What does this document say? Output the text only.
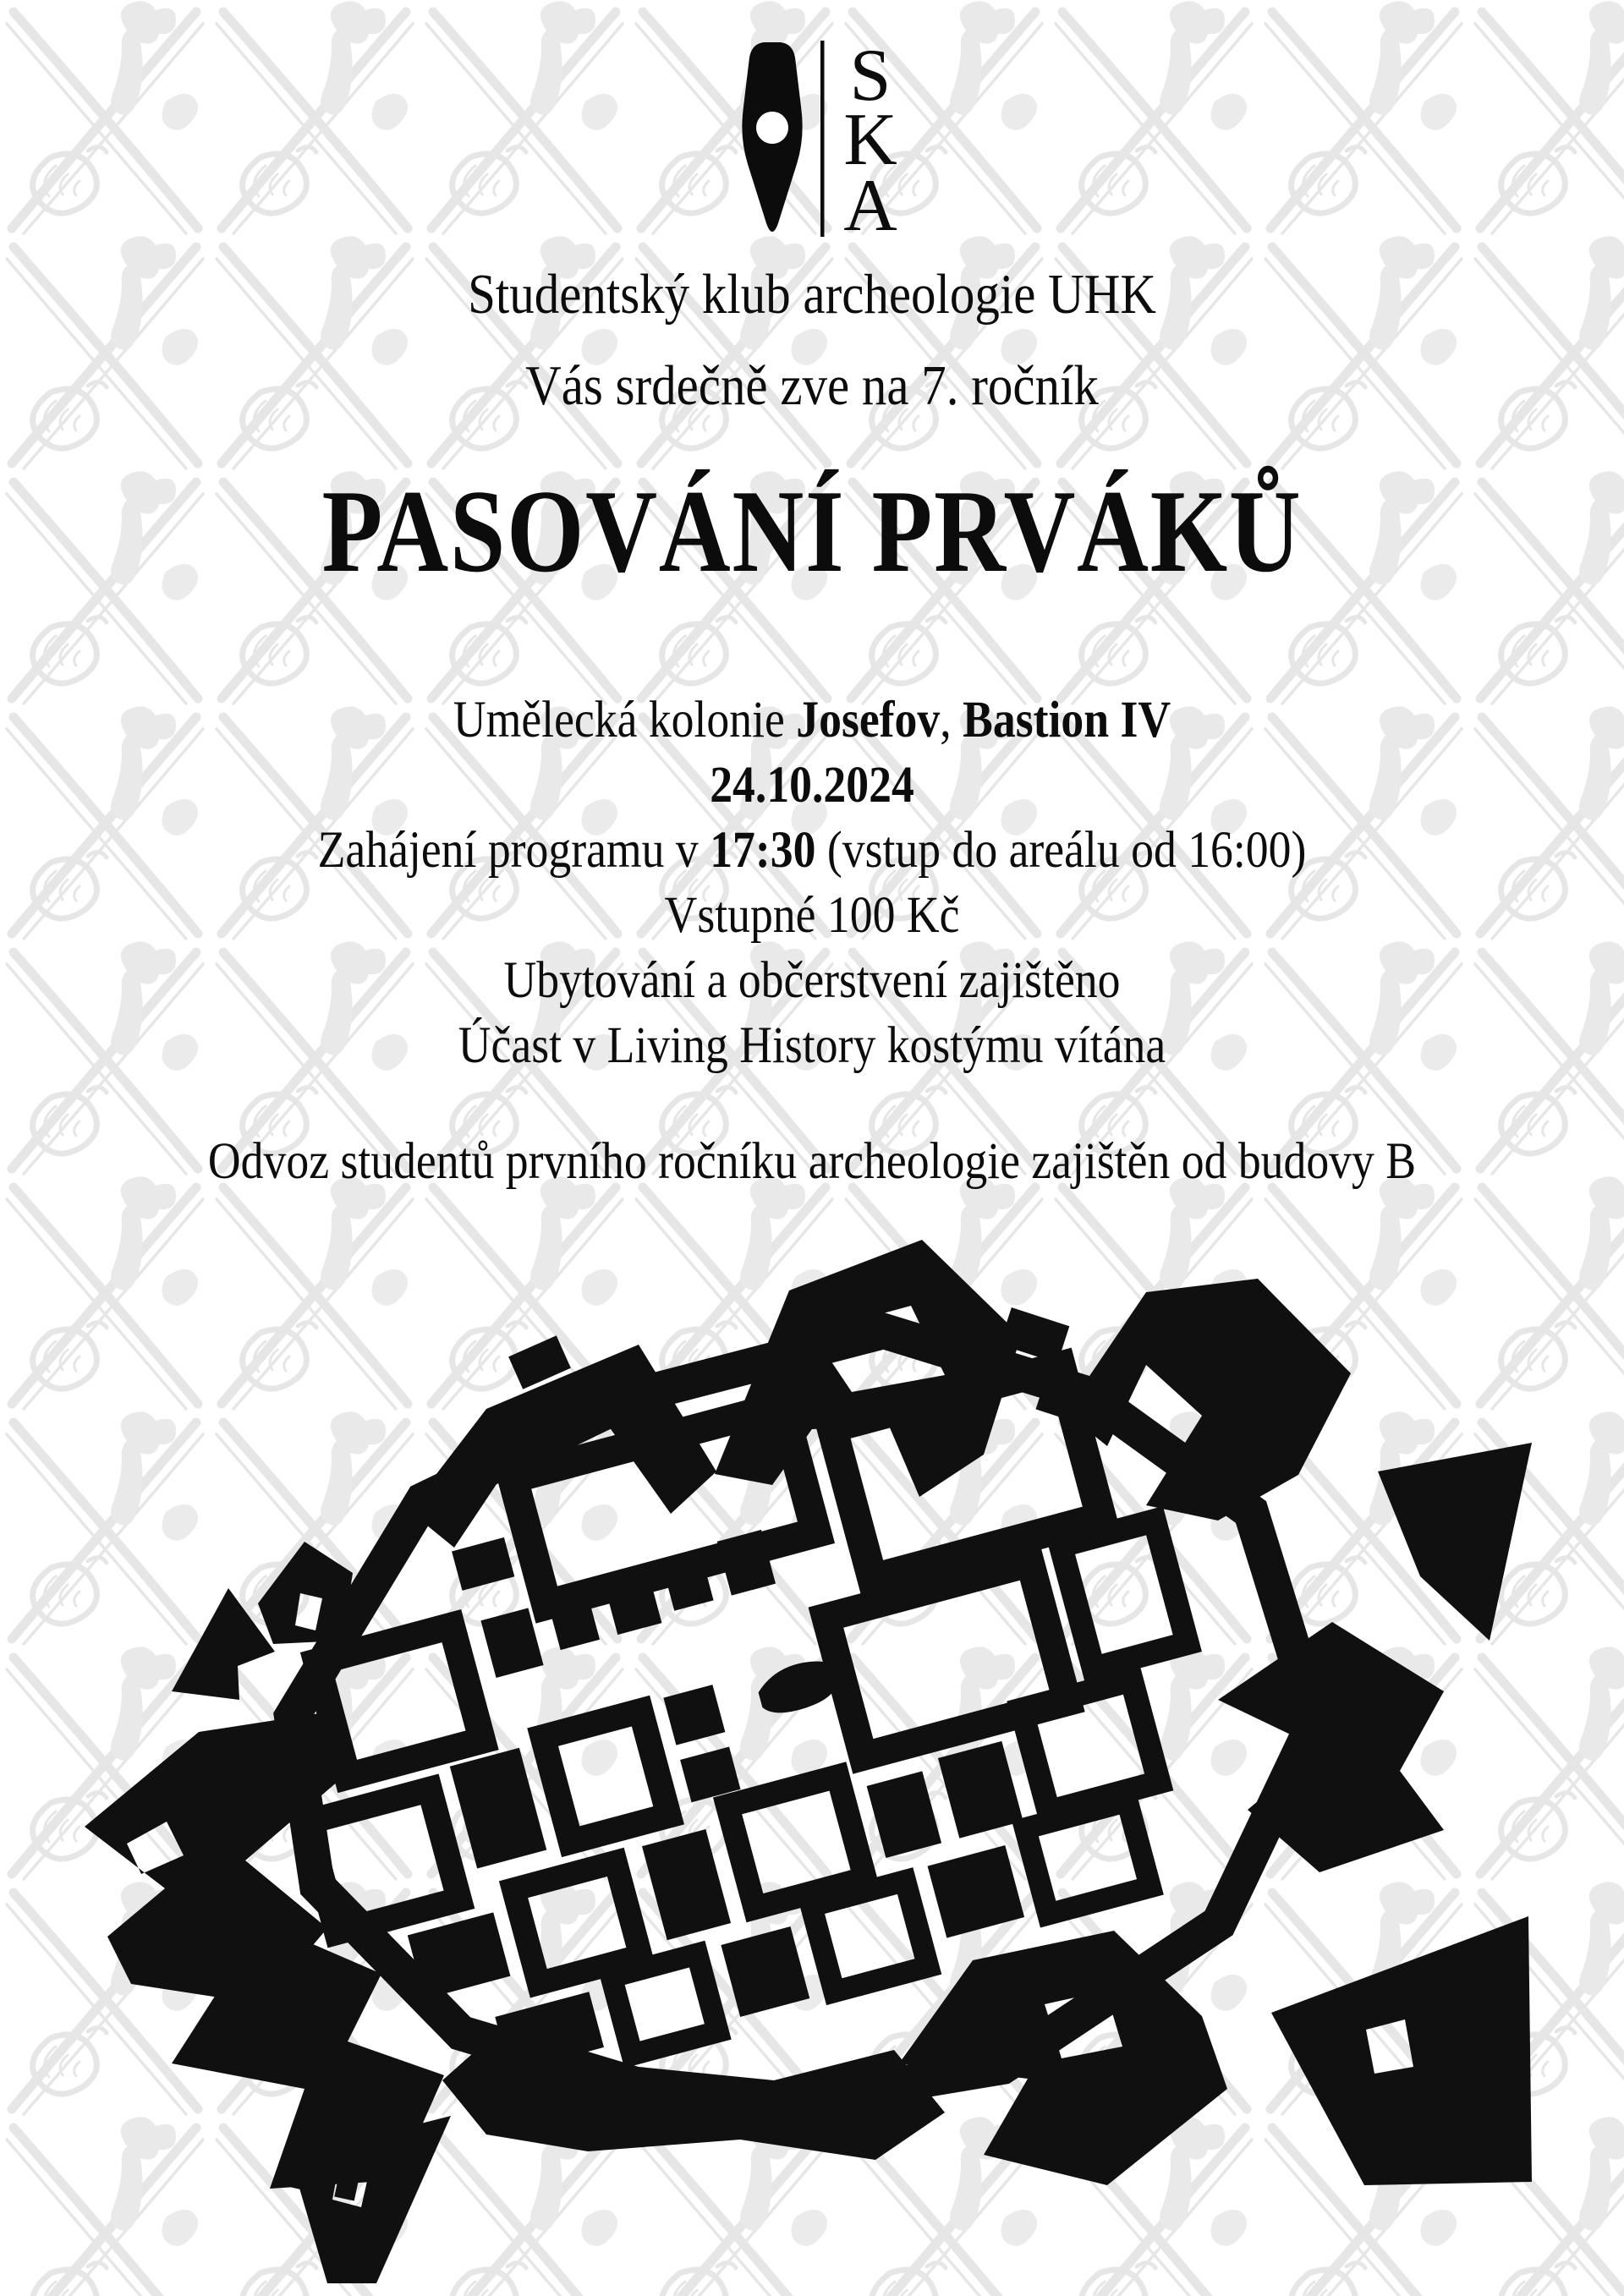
S
K
A

Studentský klub archeologie UHK

Vás srdečně zve na 7. ročník

PASOVÁNÍ PRVÁKŮ

Umělecká kolonie Josefov, Bastion IV

24.10.2024

Zahájení programu v 17:30 (vstup do areálu od 16:00)

Vstupné 100 Kč

Ubytování a občerstvení zajištěno

Účast v Living History kostýmu vítána

Odvoz studentů prvního ročníku archeologie zajištěn od budovy B
